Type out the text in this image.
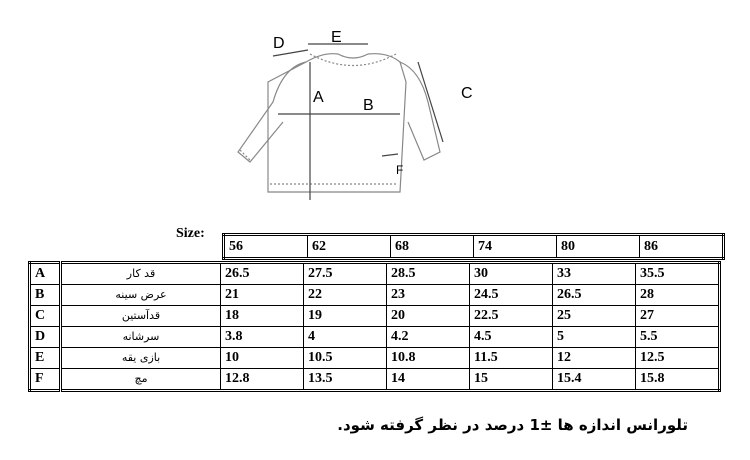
D	E
A B
C
F
Size:
56	62	68	74	80	86
A	قد کار	26.5	27.5	28.5	30	33	35.5
B	عرض سینه	21	22	23	24.5	26.5	28
C	قدآستین	18	19	20	22.5	25	27
D	سرشانه	3.8	4	4.2	4.5	5	5.5
E	بازی یقه	10	10.5	10.8	11.5	12	12.5
F	مچ	12.8	13.5	14	15	15.4	15.8
تلورانس اندازه ها ±1 درصد در نظر گرفته شود.
